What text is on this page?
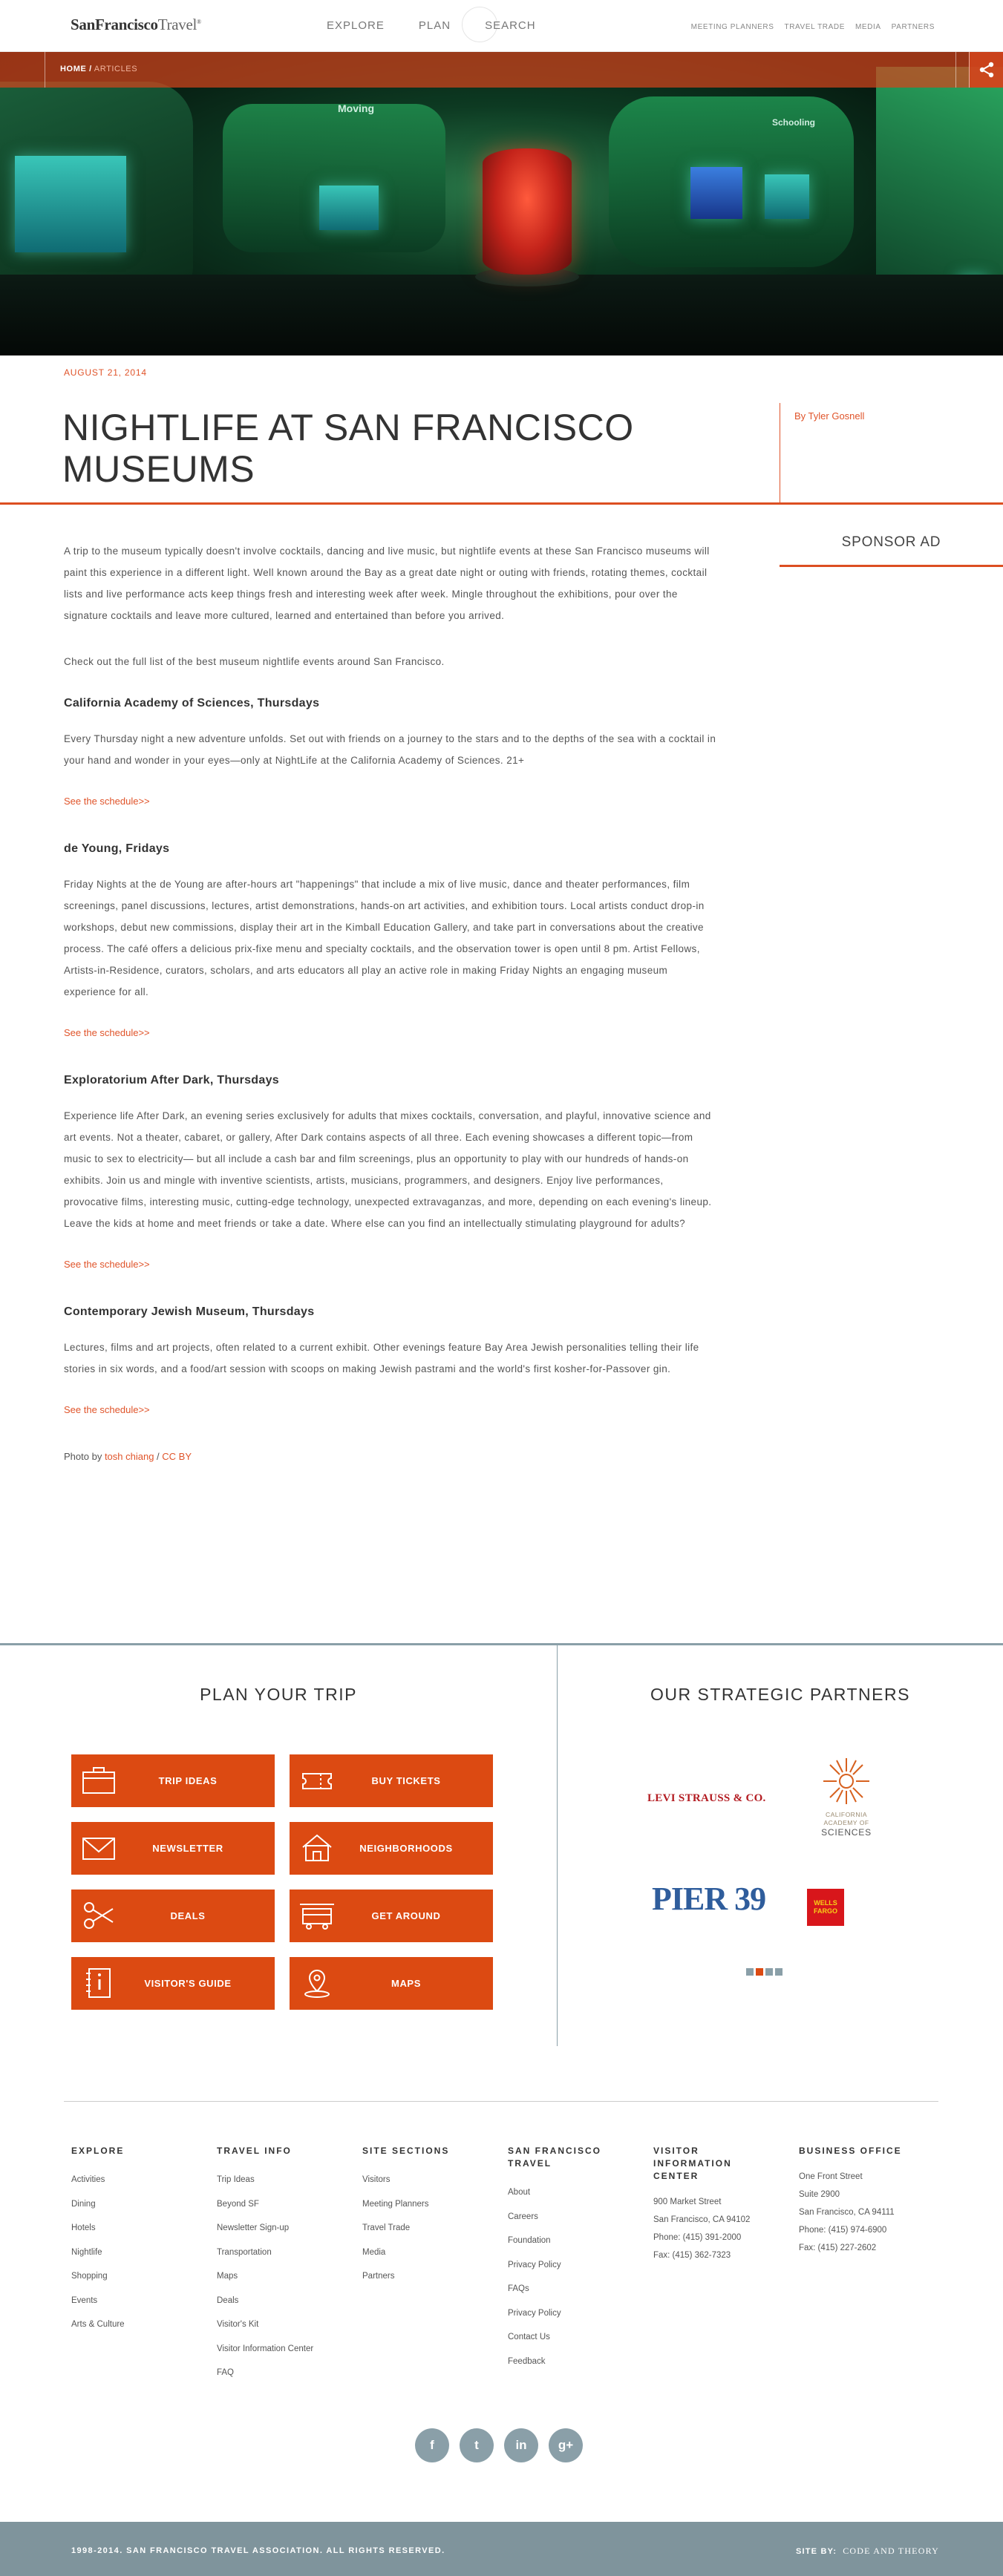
SanFranciscoTravel®	EXPLORE	PLAN	SEARCH	MEETING PLANNERS TRAVEL TRADE MEDIA PARTNERS
Moving
Schooling
HOME / ARTICLES
AUGUST 21, 2014
NIGHTLIFE AT SAN FRANCISCO MUSEUMS
By Tyler Gosnell
SPONSOR AD

A trip to the museum typically doesn't involve cocktails, dancing and live music, but nightlife events at these San Francisco museums will paint this experience in a different light. Well known around the Bay as a great date night or outing with friends, rotating themes, cocktail lists and live performance acts keep things fresh and interesting week after week. Mingle throughout the exhibitions, pour over the signature cocktails and leave more cultured, learned and entertained than before you arrived.

Check out the full list of the best museum nightlife events around San Francisco.

California Academy of Sciences, Thursdays

Every Thursday night a new adventure unfolds. Set out with friends on a journey to the stars and to the depths of the sea with a cocktail in your hand and wonder in your eyes—only at NightLife at the California Academy of Sciences. 21+

See the schedule>>
de Young, Fridays

Friday Nights at the de Young are after-hours art "happenings" that include a mix of live music, dance and theater performances, film screenings, panel discussions, lectures, artist demonstrations, hands-on art activities, and exhibition tours. Local artists conduct drop-in workshops, debut new commissions, display their art in the Kimball Education Gallery, and take part in conversations about the creative process. The café offers a delicious prix-fixe menu and specialty cocktails, and the observation tower is open until 8 pm. Artist Fellows, Artists-in-Residence, curators, scholars, and arts educators all play an active role in making Friday Nights an engaging museum experience for all.

See the schedule>>
Exploratorium After Dark, Thursdays

Experience life After Dark, an evening series exclusively for adults that mixes cocktails, conversation, and playful, innovative science and art events. Not a theater, cabaret, or gallery, After Dark contains aspects of all three. Each evening showcases a different topic—from music to sex to electricity— but all include a cash bar and film screenings, plus an opportunity to play with our hundreds of hands-on exhibits. Join us and mingle with inventive scientists, artists, musicians, programmers, and designers. Enjoy live performances, provocative films, interesting music, cutting-edge technology, unexpected extravaganzas, and more, depending on each evening's lineup. Leave the kids at home and meet friends or take a date. Where else can you find an intellectually stimulating playground for adults?

See the schedule>>
Contemporary Jewish Museum, Thursdays

Lectures, films and art projects, often related to a current exhibit. Other evenings feature Bay Area Jewish personalities telling their life stories in six words, and a food/art session with scoops on making Jewish pastrami and the world's first kosher-for-Passover gin.

See the schedule>>
Photo by tosh chiang / CC BY
PLAN YOUR TRIP
TRIP IDEAS	BUY TICKETS
NEWSLETTER	NEIGHBORHOODS
DEALS	GET AROUND
VISITOR'S GUIDE	MAPS
OUR STRATEGIC PARTNERS
LEVI STRAUSS & CO.
CALIFORNIA
ACADEMY OF
SCIENCES
PIER 39	WELLS
FARGO
EXPLORE
Activities
Dining
Hotels
Nightlife
Shopping
Events
Arts & Culture
TRAVEL INFO
Trip Ideas
Beyond SF
Newsletter Sign-up
Transportation
Maps
Deals
Visitor's Kit
Visitor Information Center
FAQ
SITE SECTIONS
Visitors
Meeting Planners
Travel Trade
Media
Partners
SAN FRANCISCO TRAVEL
About
Careers
Foundation
Privacy Policy
FAQs
Privacy Policy
Contact Us
Feedback
VISITOR INFORMATION CENTER
900 Market Street
San Francisco, CA 94102
Phone: (415) 391-2000
Fax: (415) 362-7323
BUSINESS OFFICE
One Front Street
Suite 2900
San Francisco, CA 94111
Phone: (415) 974-6900
Fax: (415) 227-2602
f	t	in	g+
1998-2014. SAN FRANCISCO TRAVEL ASSOCIATION. ALL RIGHTS RESERVED.	SITE BY: CODE AND THEORY
